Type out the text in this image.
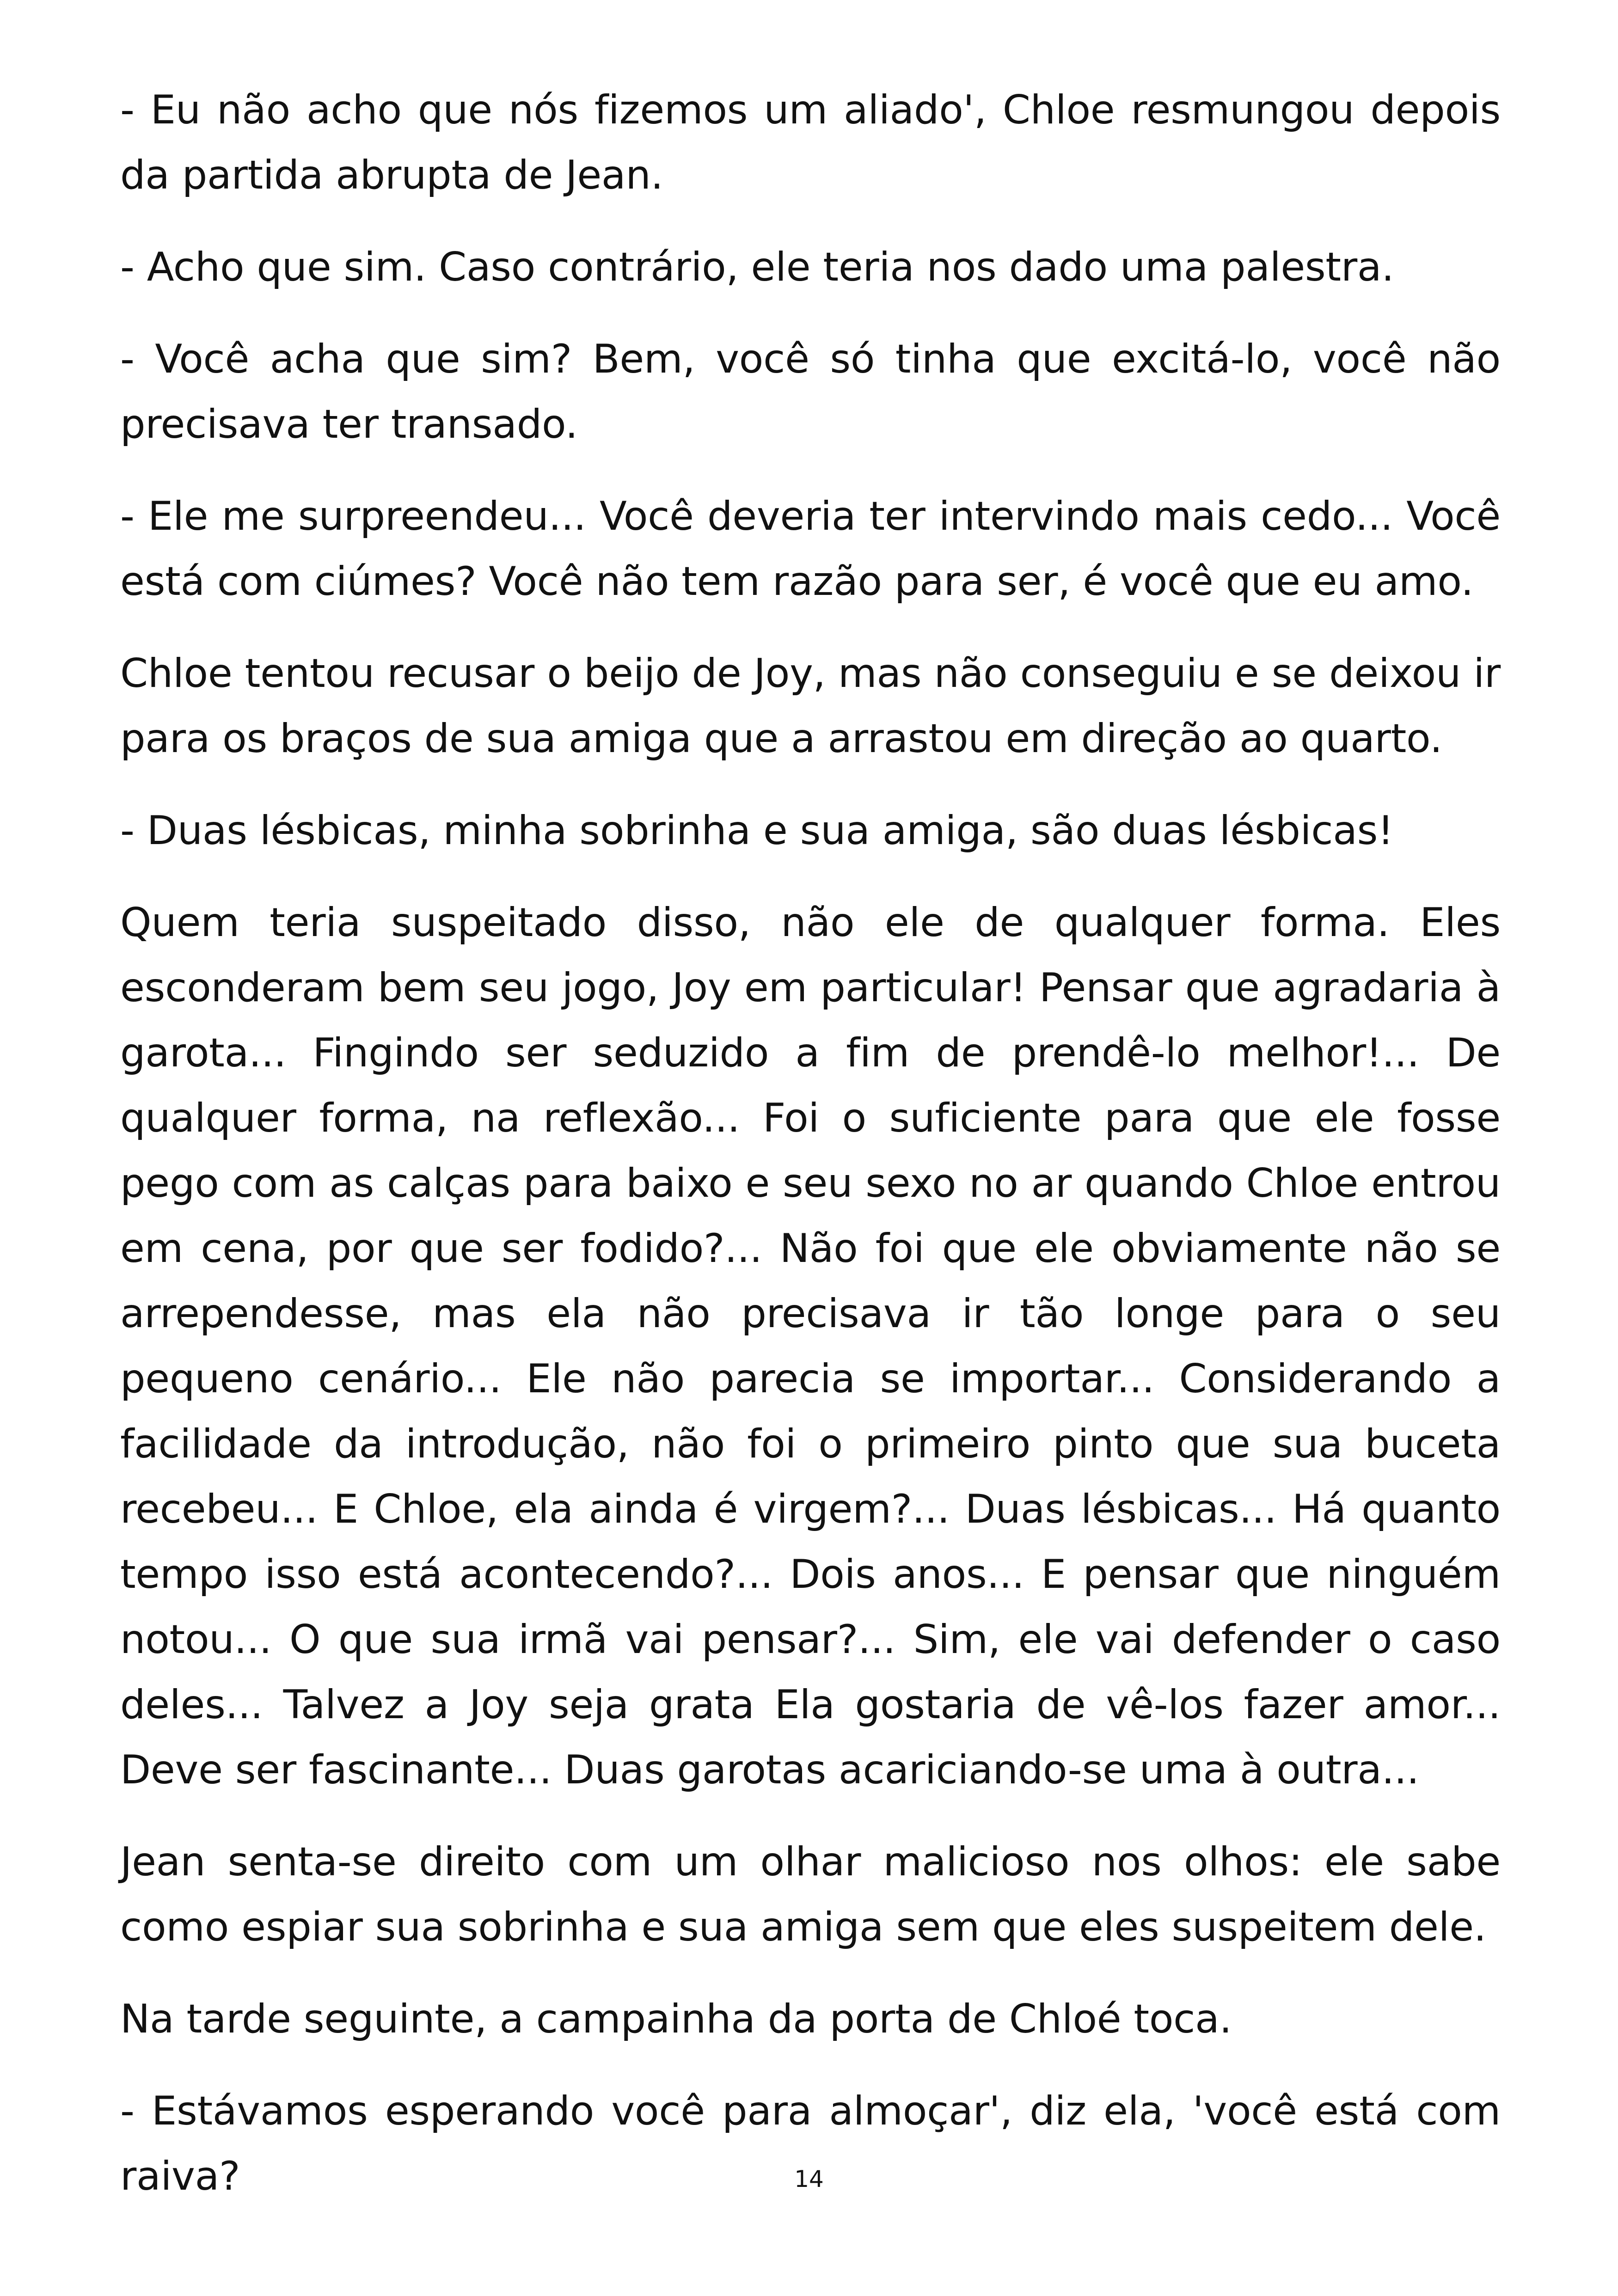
- Eu não acho que nós fizemos um aliado', Chloe resmungou depois da partida abrupta de Jean.

- Acho que sim. Caso contrário, ele teria nos dado uma palestra.

- Você acha que sim? Bem, você só tinha que excitá-lo, você não precisava ter transado.

- Ele me surpreendeu... Você deveria ter intervindo mais cedo... Você está com ciúmes? Você não tem razão para ser, é você que eu amo.

Chloe tentou recusar o beijo de Joy, mas não conseguiu e se deixou ir para os braços de sua amiga que a arrastou em direção ao quarto.

- Duas lésbicas, minha sobrinha e sua amiga, são duas lésbicas!

Quem teria suspeitado disso, não ele de qualquer forma. Eles esconderam bem seu jogo, Joy em particular! Pensar que agradaria à garota... Fingindo ser seduzido a fim de prendê-lo melhor!... De qualquer forma, na reflexão... Foi o suficiente para que ele fosse pego com as calças para baixo e seu sexo no ar quando Chloe entrou em cena, por que ser fodido?... Não foi que ele obviamente não se arrependesse, mas ela não precisava ir tão longe para o seu pequeno cenário... Ele não parecia se importar... Considerando a facilidade da introdução, não foi o primeiro pinto que sua buceta recebeu... E Chloe, ela ainda é virgem?... Duas lésbicas... Há quanto tempo isso está acontecendo?... Dois anos... E pensar que ninguém notou... O que sua irmã vai pensar?... Sim, ele vai defender o caso deles... Talvez a Joy seja grata Ela gostaria de vê-los fazer amor... Deve ser fascinante... Duas garotas acariciando-se uma à outra...

Jean senta-se direito com um olhar malicioso nos olhos: ele sabe como espiar sua sobrinha e sua amiga sem que eles suspeitem dele.

Na tarde seguinte, a campainha da porta de Chloé toca.

- Estávamos esperando você para almoçar', diz ela, 'você está com raiva?	14
